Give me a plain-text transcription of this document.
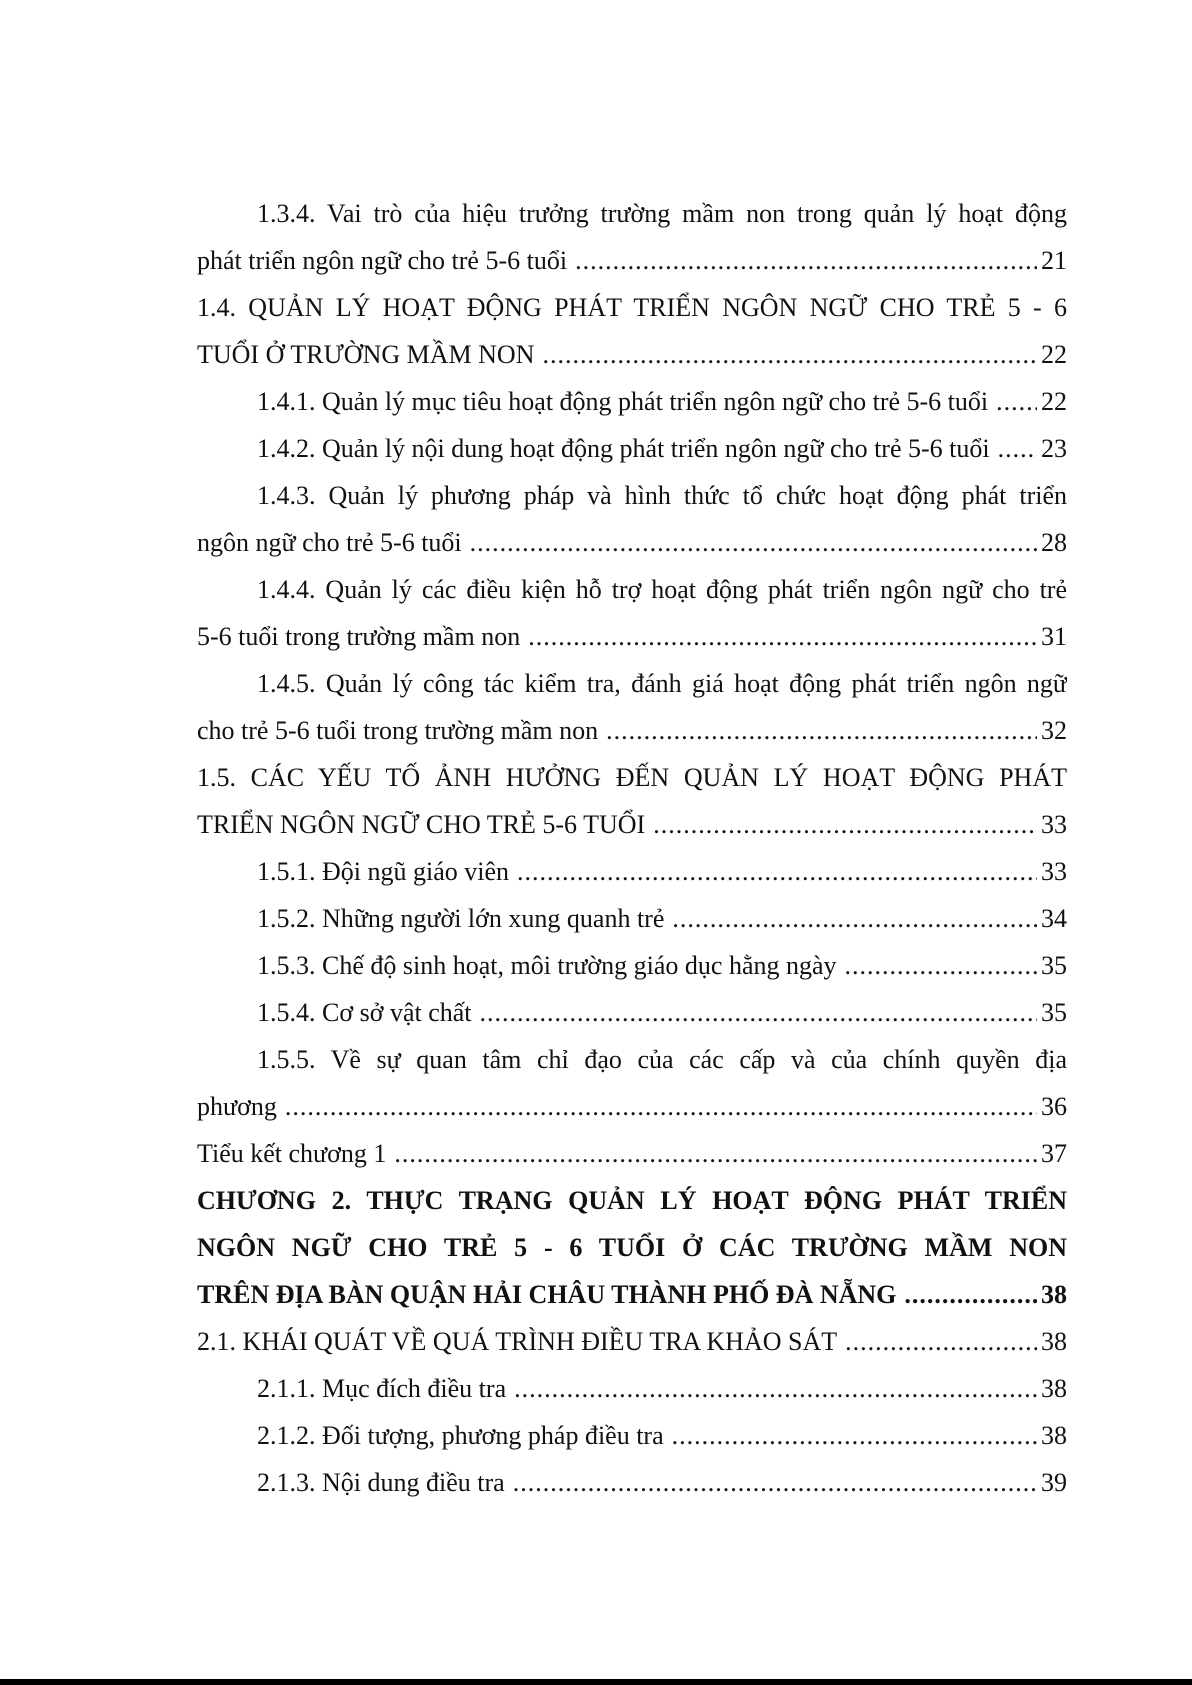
1.3.4. Vai trò của hiệu trưởng trường mầm non trong quản lý hoạt động
phát triển ngôn ngữ cho trẻ 5-6 tuổi .....	21
1.4. QUẢN LÝ HOẠT ĐỘNG PHÁT TRIỂN NGÔN NGỮ CHO TRẺ 5 - 6
TUỔI Ở TRƯỜNG MẦM NON .....	22
1.4.1. Quản lý mục tiêu hoạt động phát triển ngôn ngữ cho trẻ 5-6 tuổi ..... 22
1.4.2. Quản lý nội dung hoạt động phát triển ngôn ngữ cho trẻ 5-6 tuổi ..... 23
1.4.3. Quản lý phương pháp và hình thức tổ chức hoạt động phát triển
ngôn ngữ cho trẻ 5-6 tuổi .....	28
1.4.4. Quản lý các điều kiện hỗ trợ hoạt động phát triển ngôn ngữ cho trẻ
5-6 tuổi trong trường mầm non .....	31
1.4.5. Quản lý công tác kiểm tra, đánh giá hoạt động phát triển ngôn ngữ
cho trẻ 5-6 tuổi trong trường mầm non .....	32
1.5. CÁC YẾU TỐ ẢNH HƯỞNG ĐẾN QUẢN LÝ HOẠT ĐỘNG PHÁT
TRIỂN NGÔN NGỮ CHO TRẺ 5-6 TUỔI .....	33
1.5.1. Đội ngũ giáo viên .....	33
1.5.2. Những người lớn xung quanh trẻ .....	34
1.5.3. Chế độ sinh hoạt, môi trường giáo dục hằng ngày .....	35
1.5.4. Cơ sở vật chất .....	35
1.5.5. Về sự quan tâm chỉ đạo của các cấp và của chính quyền địa
phương .....	36
Tiểu kết chương 1 .....	37
CHƯƠNG 2. THỰC TRẠNG QUẢN LÝ HOẠT ĐỘNG PHÁT TRIỂN
NGÔN NGỮ CHO TRẺ 5 - 6 TUỔI Ở CÁC TRƯỜNG MẦM NON
TRÊN ĐỊA BÀN QUẬN HẢI CHÂU THÀNH PHỐ ĐÀ NẴNG .....	38
2.1. KHÁI QUÁT VỀ QUÁ TRÌNH ĐIỀU TRA KHẢO SÁT .....	38
2.1.1. Mục đích điều tra .....	38
2.1.2. Đối tượng, phương pháp điều tra .....	38
2.1.3. Nội dung điều tra .....	39
